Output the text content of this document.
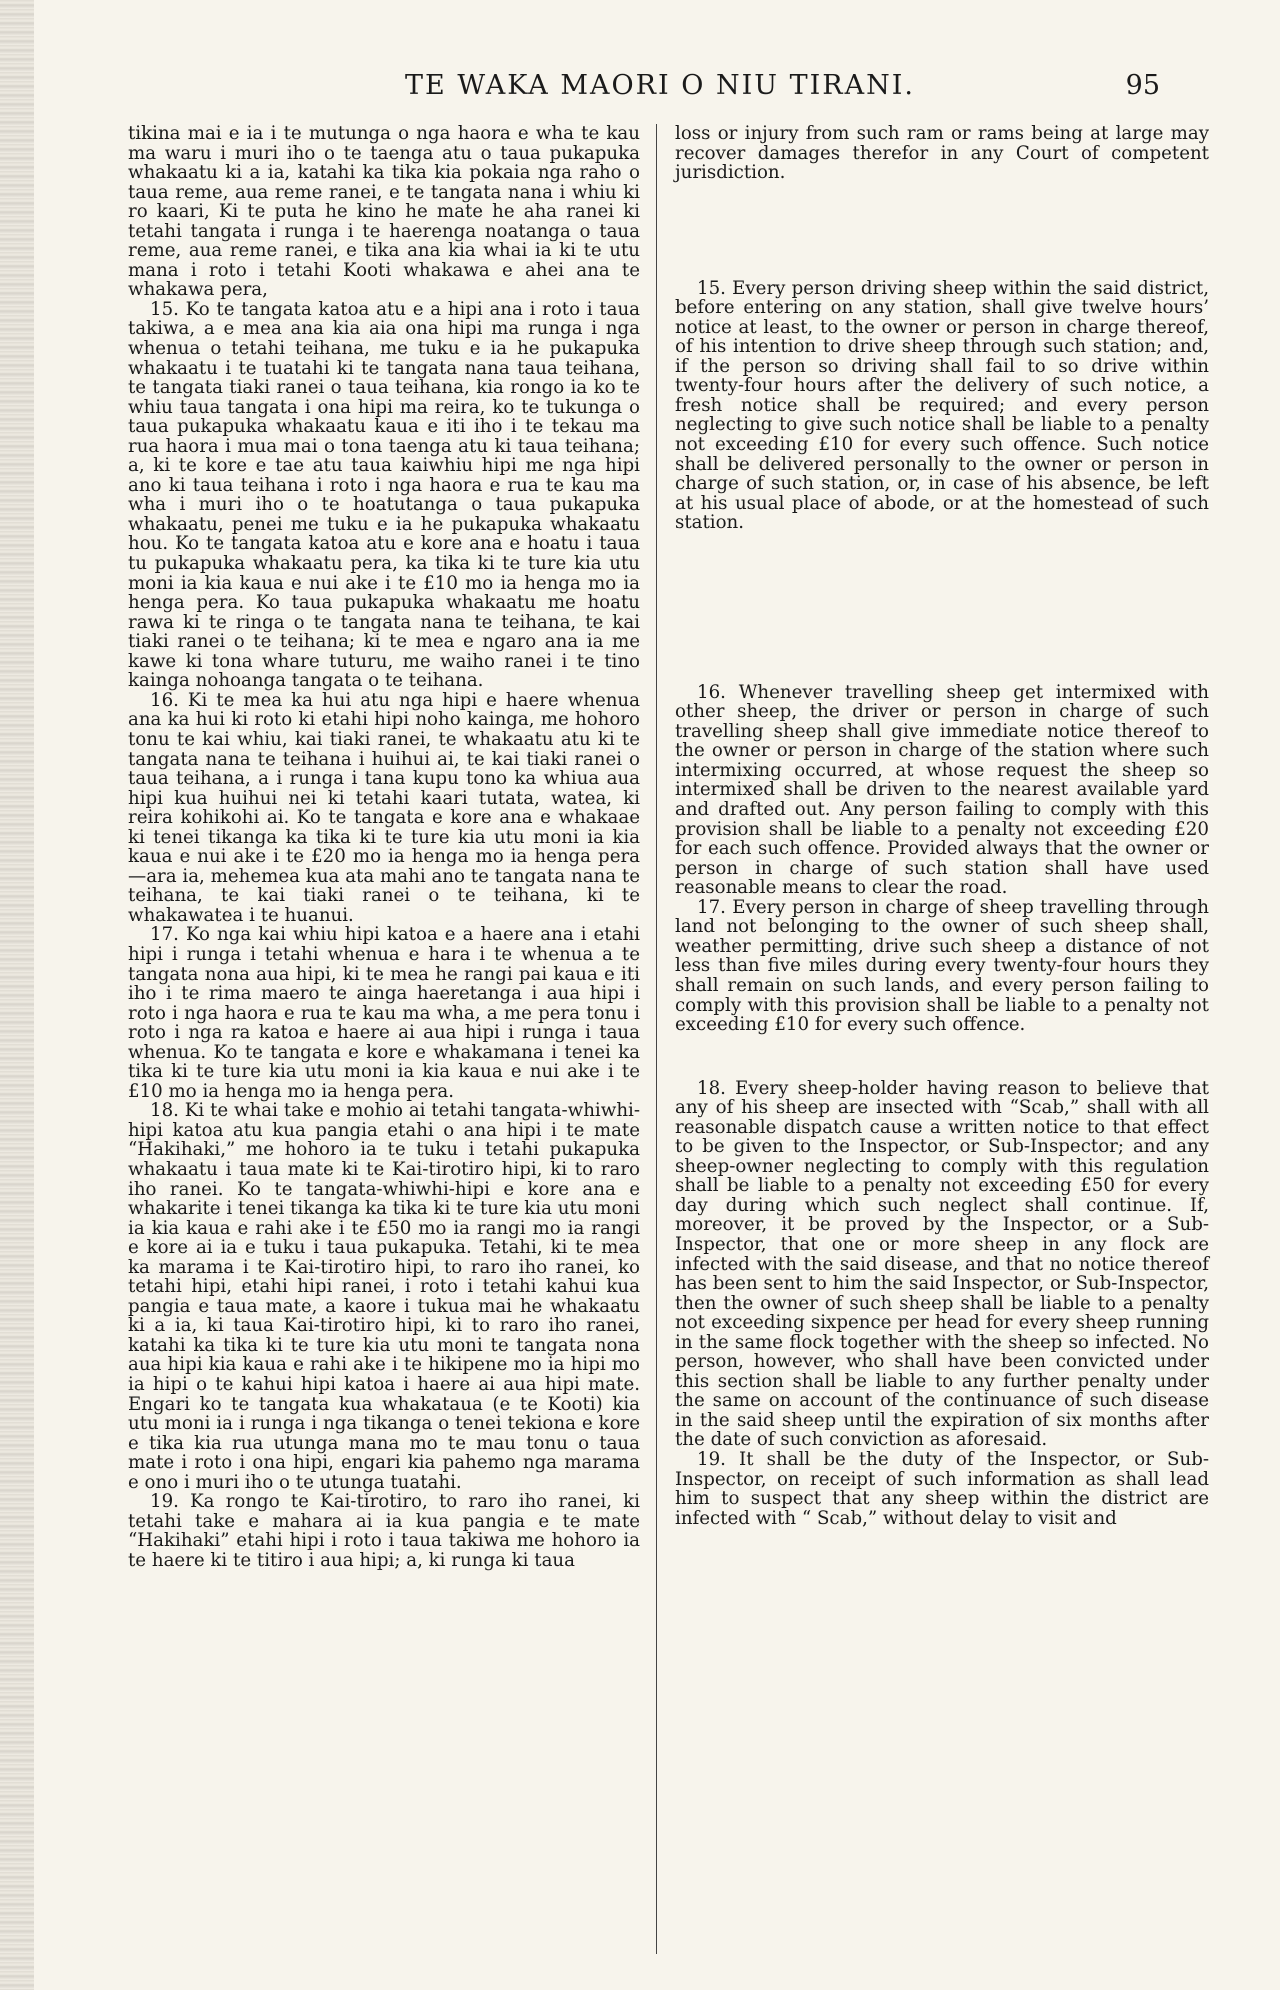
TE WAKA MAORI O NIU TIRANI.	95

tikina mai e ia i te mutunga o nga haora e wha te kau ma waru i muri iho o te taenga atu o taua pukapuka whakaatu ki a ia, katahi ka tika kia pokaia nga raho o taua reme, aua reme ranei, e te tangata nana i whiu ki ro kaari, Ki te puta he kino he mate he aha ranei ki tetahi tangata i runga i te haerenga noatanga o taua reme, aua reme ranei, e tika ana kia whai ia ki te utu mana i roto i tetahi Kooti whakawa e ahei ana te whakawa pera,

15. Ko te tangata katoa atu e a hipi ana i roto i taua takiwa, a e mea ana kia aia ona hipi ma runga i nga whenua o tetahi teihana, me tuku e ia he pukapuka whakaatu i te tuatahi ki te tangata nana taua teihana, te tangata tiaki ranei o taua teihana, kia rongo ia ko te whiu taua tangata i ona hipi ma reira, ko te tukunga o taua pukapuka whakaatu kaua e iti iho i te tekau ma rua haora i mua mai o tona taenga atu ki taua teihana; a, ki te kore e tae atu taua kaiwhiu hipi me nga hipi ano ki taua teihana i roto i nga haora e rua te kau ma wha i muri iho o te hoatutanga o taua pukapuka whakaatu, penei me tuku e ia he pukapuka whakaatu hou. Ko te tangata katoa atu e kore ana e hoatu i taua tu pukapuka whakaatu pera, ka tika ki te ture kia utu moni ia kia kaua e nui ake i te £10 mo ia henga mo ia henga pera. Ko taua pukapuka whakaatu me hoatu rawa ki te ringa o te tangata nana te teihana, te kai tiaki ranei o te teihana; ki te mea e ngaro ana ia me kawe ki tona whare tuturu, me waiho ranei i te tino kainga nohoanga tangata o te teihana.

16. Ki te mea ka hui atu nga hipi e haere whenua ana ka hui ki roto ki etahi hipi noho kainga, me hohoro tonu te kai whiu, kai tiaki ranei, te whakaatu atu ki te tangata nana te teihana i huihui ai, te kai tiaki ranei o taua teihana, a i runga i tana kupu tono ka whiua aua hipi kua huihui nei ki tetahi kaari tutata, watea, ki reira kohikohi ai. Ko te tangata e kore ana e whakaae ki tenei tikanga ka tika ki te ture kia utu moni ia kia kaua e nui ake i te £20 mo ia henga mo ia henga pera—ara ia, mehemea kua ata mahi ano te tangata nana te teihana, te kai tiaki ranei o te teihana, ki te whakawatea i te huanui.

17. Ko nga kai whiu hipi katoa e a haere ana i etahi hipi i runga i tetahi whenua e hara i te whenua a te tangata nona aua hipi, ki te mea he rangi pai kaua e iti iho i te rima maero te ainga haeretanga i aua hipi i roto i nga haora e rua te kau ma wha, a me pera tonu i roto i nga ra katoa e haere ai aua hipi i runga i taua whenua. Ko te tangata e kore e whakamana i tenei ka tika ki te ture kia utu moni ia kia kaua e nui ake i te £10 mo ia henga mo ia henga pera.

18. Ki te whai take e mohio ai tetahi tangata-whiwhi-hipi katoa atu kua pangia etahi o ana hipi i te mate “Hakihaki,” me hohoro ia te tuku i tetahi pukapuka whakaatu i taua mate ki te Kai-tirotiro hipi, ki to raro iho ranei. Ko te tangata-whiwhi-hipi e kore ana e whakarite i tenei tikanga ka tika ki te ture kia utu moni ia kia kaua e rahi ake i te £50 mo ia rangi mo ia rangi e kore ai ia e tuku i taua pukapuka. Tetahi, ki te mea ka marama i te Kai-tirotiro hipi, to raro iho ranei, ko tetahi hipi, etahi hipi ranei, i roto i tetahi kahui kua pangia e taua mate, a kaore i tukua mai he whakaatu ki a ia, ki taua Kai-tirotiro hipi, ki to raro iho ranei, katahi ka tika ki te ture kia utu moni te tangata nona aua hipi kia kaua e rahi ake i te hikipene mo ia hipi mo ia hipi o te kahui hipi katoa i haere ai aua hipi mate. Engari ko te tangata kua whakataua (e te Kooti) kia utu moni ia i runga i nga tikanga o tenei tekiona e kore e tika kia rua utunga mana mo te mau tonu o taua mate i roto i ona hipi, engari kia pahemo nga marama e ono i muri iho o te utunga tuatahi.

19. Ka rongo te Kai-tirotiro, to raro iho ranei, ki tetahi take e mahara ai ia kua pangia e te mate “Hakihaki” etahi hipi i roto i taua takiwa me hohoro ia te haere ki te titiro i aua hipi; a, ki runga ki taua

loss or injury from such ram or rams being at large may recover damages therefor in any Court of competent jurisdiction.

15. Every person driving sheep within the said district, before entering on any station, shall give twelve hours’ notice at least, to the owner or person in charge thereof, of his intention to drive sheep through such station; and, if the person so driving shall fail to so drive within twenty-four hours after the delivery of such notice, a fresh notice shall be required; and every person neglecting to give such notice shall be liable to a penalty not exceeding £10 for every such offence. Such notice shall be delivered personally to the owner or person in charge of such station, or, in case of his absence, be left at his usual place of abode, or at the homestead of such station.

16. Whenever travelling sheep get intermixed with other sheep, the driver or person in charge of such travelling sheep shall give immediate notice thereof to the owner or person in charge of the station where such intermixing occurred, at whose request the sheep so intermixed shall be driven to the nearest available yard and drafted out. Any person failing to comply with this provision shall be liable to a penalty not exceeding £20 for each such offence. Provided always that the owner or person in charge of such station shall have used reasonable means to clear the road.

17. Every person in charge of sheep travelling through land not belonging to the owner of such sheep shall, weather permitting, drive such sheep a distance of not less than five miles during every twenty-four hours they shall remain on such lands, and every person failing to comply with this provision shall be liable to a penalty not exceeding £10 for every such offence.

18. Every sheep-holder having reason to believe that any of his sheep are insected with “Scab,” shall with all reasonable dispatch cause a written notice to that effect to be given to the Inspector, or Sub-Inspector; and any sheep-owner neglecting to comply with this regulation shall be liable to a penalty not exceeding £50 for every day during which such neglect shall continue. If, moreover, it be proved by the Inspector, or a Sub-Inspector, that one or more sheep in any flock are infected with the said disease, and that no notice thereof has been sent to him the said Inspector, or Sub-Inspector, then the owner of such sheep shall be liable to a penalty not exceeding sixpence per head for every sheep running in the same flock together with the sheep so infected. No person, however, who shall have been convicted under this section shall be liable to any further penalty under the same on account of the continuance of such disease in the said sheep until the expiration of six months after the date of such conviction as aforesaid.

19. It shall be the duty of the Inspector, or Sub-Inspector, on receipt of such information as shall lead him to suspect that any sheep within the district are infected with “ Scab,” without delay to visit and
